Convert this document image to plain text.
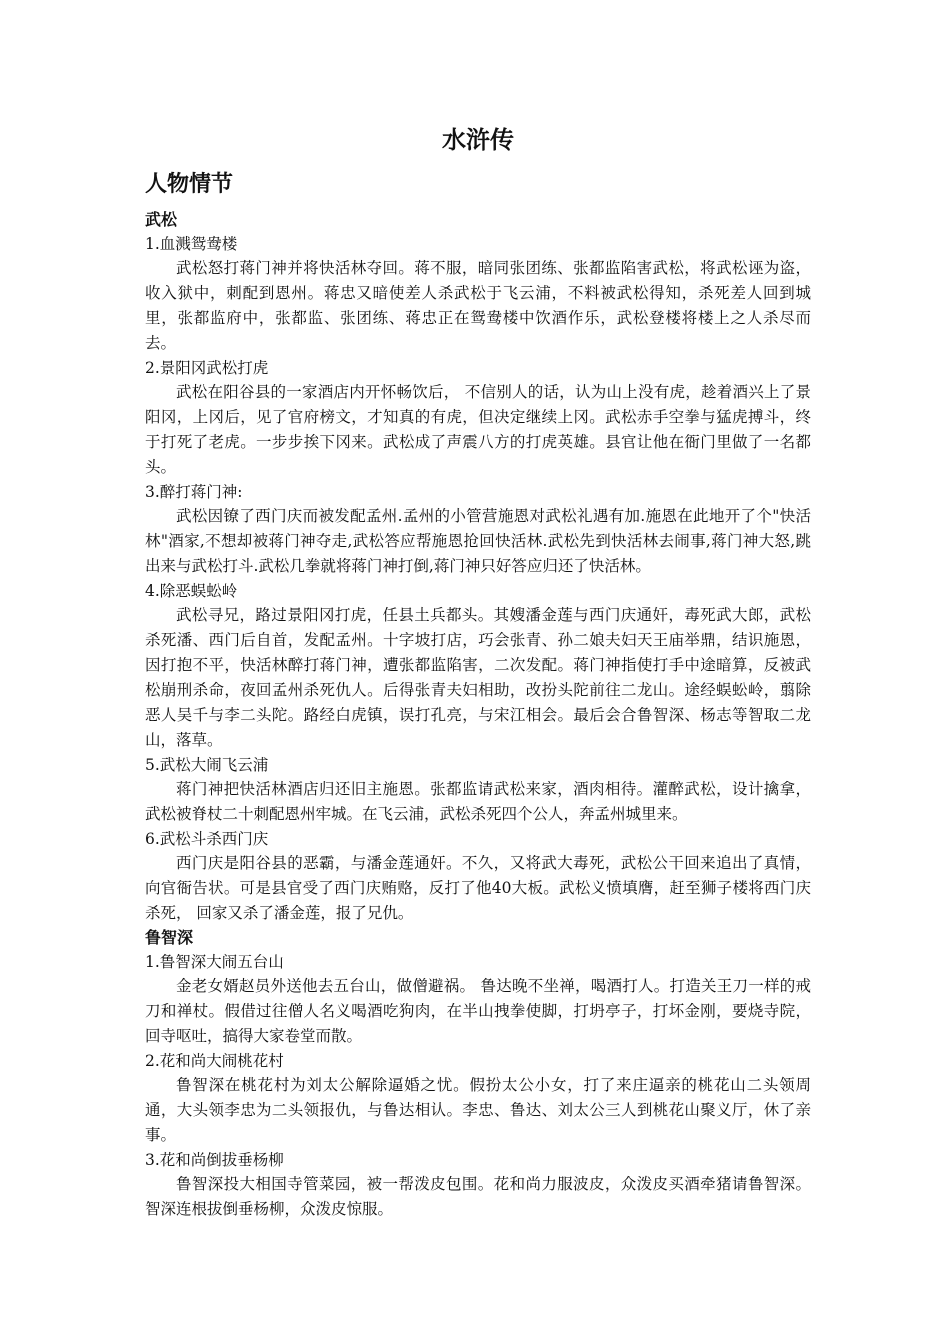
水浒传
人物情节
武松
1.血溅鸳鸯楼

武松怒打蒋门神并将快活林夺回。蒋不服，暗同张团练、张都监陷害武松，将武松诬为盗，收入狱中，刺配到恩州。蒋忠又暗使差人杀武松于飞云浦，不料被武松得知，杀死差人回到城里，张都监府中，张都监、张团练、蒋忠正在鸳鸯楼中饮酒作乐，武松登楼将楼上之人杀尽而去。

2.景阳冈武松打虎

武松在阳谷县的一家酒店内开怀畅饮后， 不信别人的话，认为山上没有虎，趁着酒兴上了景阳冈，上冈后，见了官府榜文，才知真的有虎，但决定继续上冈。武松赤手空拳与猛虎搏斗，终于打死了老虎。一步步挨下冈来。武松成了声震八方的打虎英雄。县官让他在衙门里做了一名都头。

3.醉打蒋门神:

武松因镣了西门庆而被发配孟州.孟州的小管营施恩对武松礼遇有加.施恩在此地开了个"快活林"酒家,不想却被蒋门神夺走,武松答应帮施恩抢回快活林.武松先到快活林去闹事,蒋门神大怒,跳出来与武松打斗.武松几拳就将蒋门神打倒,蒋门神只好答应归还了快活林。

4.除恶蜈蚣岭

武松寻兄，路过景阳冈打虎，任县土兵都头。其嫂潘金莲与西门庆通奸，毒死武大郎，武松杀死潘、西门后自首，发配孟州。十字坡打店，巧会张青、孙二娘夫妇天王庙举鼎，结识施恩，因打抱不平，快活林醉打蒋门神，遭张都监陷害，二次发配。蒋门神指使打手中途暗算，反被武松崩刑杀命，夜回孟州杀死仇人。后得张青夫妇相助，改扮头陀前往二龙山。途经蜈蚣岭，翦除恶人吴千与李二头陀。路经白虎镇，误打孔亮，与宋江相会。最后会合鲁智深、杨志等智取二龙山，落草。

5.武松大闹飞云浦

蒋门神把快活林酒店归还旧主施恩。张都监请武松来家，酒肉相待。灌醉武松，设计擒拿，武松被脊杖二十刺配恩州牢城。在飞云浦，武松杀死四个公人，奔孟州城里来。

6.武松斗杀西门庆

西门庆是阳谷县的恶霸，与潘金莲通奸。不久，又将武大毒死，武松公干回来追出了真情，向官衙告状。可是县官受了西门庆贿赂，反打了他40大板。武松义愤填膺，赶至狮子楼将西门庆杀死， 回家又杀了潘金莲，报了兄仇。

鲁智深
1.鲁智深大闹五台山

金老女婿赵员外送他去五台山，做僧避祸。 鲁达晚不坐禅，喝酒打人。打造关王刀一样的戒刀和禅杖。假借过往僧人名义喝酒吃狗肉，在半山拽拳使脚，打坍亭子，打坏金刚，要烧寺院，回寺呕吐，搞得大家卷堂而散。

2.花和尚大闹桃花村

鲁智深在桃花村为刘太公解除逼婚之忧。假扮太公小女，打了来庄逼亲的桃花山二头领周通，大头领李忠为二头领报仇，与鲁达相认。李忠、鲁达、刘太公三人到桃花山聚义厅，休了亲事。

3.花和尚倒拔垂杨柳

鲁智深投大相国寺管菜园，被一帮泼皮包围。花和尚力服波皮，众泼皮买酒牵猪请鲁智深。智深连根拔倒垂杨柳，众泼皮惊服。
